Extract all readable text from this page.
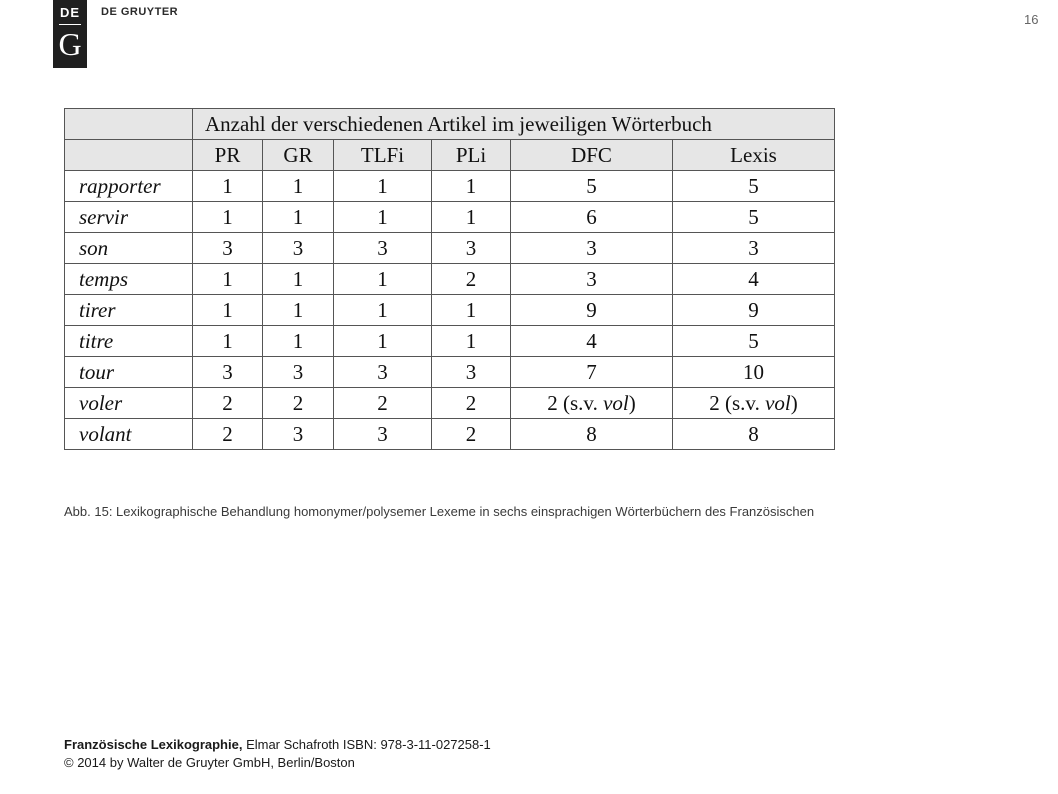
DE
G
DE GRUYTER	16
	Anzahl der verschiedenen Artikel im jeweiligen Wörterbuch					
	PR	GR	TLFi	PLi	DFC	Lexis
rapporter	1	1	1	1	5	5
servir	1	1	1	1	6	5
son	3	3	3	3	3	3
temps	1	1	1	2	3	4
tirer	1	1	1	1	9	9
titre	1	1	1	1	4	5
tour	3	3	3	3	7	10
voler	2	2	2	2	2 (s.v. vol)	2 (s.v. vol)
volant	2	3	3	2	8	8
Abb. 15: Lexikographische Behandlung homonymer/polysemer Lexeme in sechs einsprachigen Wörterbüchern des Französischen
Französische Lexikographie, Elmar Schafroth ISBN: 978-3-11-027258-1
© 2014 by Walter de Gruyter GmbH, Berlin/Boston
